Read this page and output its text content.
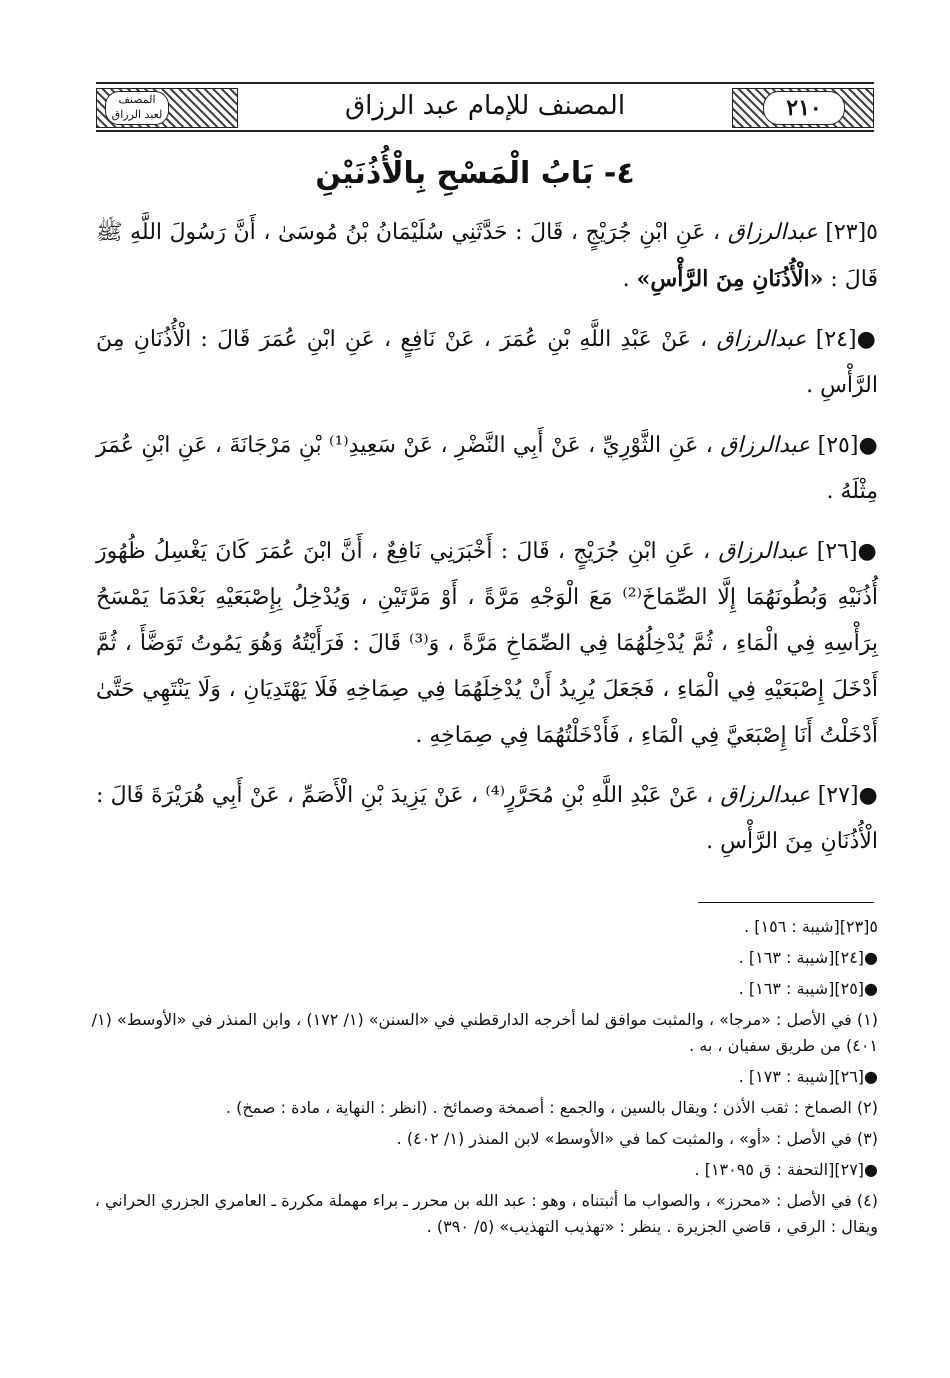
المصنف
لعبد الرزاق	المصنف للإمام عبد الرزاق	٢١٠
٤- بَابُ الْمَسْحِ بِالْأُذُنَيْنِ

٥[٢٣] عبدالرزاق ، عَنِ ابْنِ جُرَيْجٍ ، قَالَ : حَدَّثَنِي سُلَيْمَانُ بْنُ مُوسَىٰ ، أَنَّ رَسُولَ اللَّهِ ﷺ قَالَ : «الْأُذُنَانِ مِنَ الرَّأْسِ» .

●[٢٤] عبدالرزاق ، عَنْ عَبْدِ اللَّهِ بْنِ عُمَرَ ، عَنْ نَافِعٍ ، عَنِ ابْنِ عُمَرَ قَالَ : الْأُذُنَانِ مِنَ الرَّأْسِ .

●[٢٥] عبدالرزاق ، عَنِ الثَّوْرِيِّ ، عَنْ أَبِي النَّضْرِ ، عَنْ سَعِيدِ⁽¹⁾ بْنِ مَرْجَانَةَ ، عَنِ ابْنِ عُمَرَ مِثْلَهُ .

●[٢٦] عبدالرزاق ، عَنِ ابْنِ جُرَيْجٍ ، قَالَ : أَخْبَرَنِي نَافِعٌ ، أَنَّ ابْنَ عُمَرَ كَانَ يَغْسِلُ ظُهُورَ أُذُنَيْهِ وَبُطُونَهُمَا إِلَّا الصِّمَاخَ⁽²⁾ مَعَ الْوَجْهِ مَرَّةً ، أَوْ مَرَّتَيْنِ ، وَيُدْخِلُ بِإِصْبَعَيْهِ بَعْدَمَا يَمْسَحُ بِرَأْسِهِ فِي الْمَاءِ ، ثُمَّ يُدْخِلُهُمَا فِي الصِّمَاخِ مَرَّةً ، وَ⁽³⁾ قَالَ : فَرَأَيْتُهُ وَهُوَ يَمُوتُ تَوَضَّأَ ، ثُمَّ أَدْخَلَ إِصْبَعَيْهِ فِي الْمَاءِ ، فَجَعَلَ يُرِيدُ أَنْ يُدْخِلَهُمَا فِي صِمَاخِهِ فَلَا يَهْتَدِيَانِ ، وَلَا يَنْتَهِي حَتَّىٰ أَدْخَلْتُ أَنَا إِصْبَعَيَّ فِي الْمَاءِ ، فَأَدْخَلْتُهُمَا فِي صِمَاخِهِ .

●[٢٧] عبدالرزاق ، عَنْ عَبْدِ اللَّهِ بْنِ مُحَرَّرٍ⁽⁴⁾ ، عَنْ يَزِيدَ بْنِ الْأَصَمِّ ، عَنْ أَبِي هُرَيْرَةَ قَالَ : الْأُذُنَانِ مِنَ الرَّأْسِ .

٥[٢٣][شيبة : ١٥٦] .
●[٢٤][شيبة : ١٦٣] .
●[٢٥][شيبة : ١٦٣] .
(١) في الأصل : «مرجا» ، والمثبت موافق لما أخرجه الدارقطني في «السنن» (١/ ١٧٢) ، وابن المنذر في «الأوسط» (١/ ٤٠١) من طريق سفيان ، به .
●[٢٦][شيبة : ١٧٣] .
(٢) الصماخ : ثقب الأذن ؛ ويقال بالسين ، والجمع : أصمخة وصمائخ . (انظر : النهاية ، مادة : صمخ) .
(٣) في الأصل : «أو» ، والمثبت كما في «الأوسط» لابن المنذر (١/ ٤٠٢) .
●[٢٧][التحفة : ق ١٣٠٩٥] .
(٤) في الأصل : «محرز» ، والصواب ما أثبتناه ، وهو : عبد الله بن محرر ـ براء مهملة مكررة ـ العامري الجزري الحراني ، ويقال : الرقي ، قاضي الجزيرة . ينظر : «تهذيب التهذيب» (٥/ ٣٩٠) .
